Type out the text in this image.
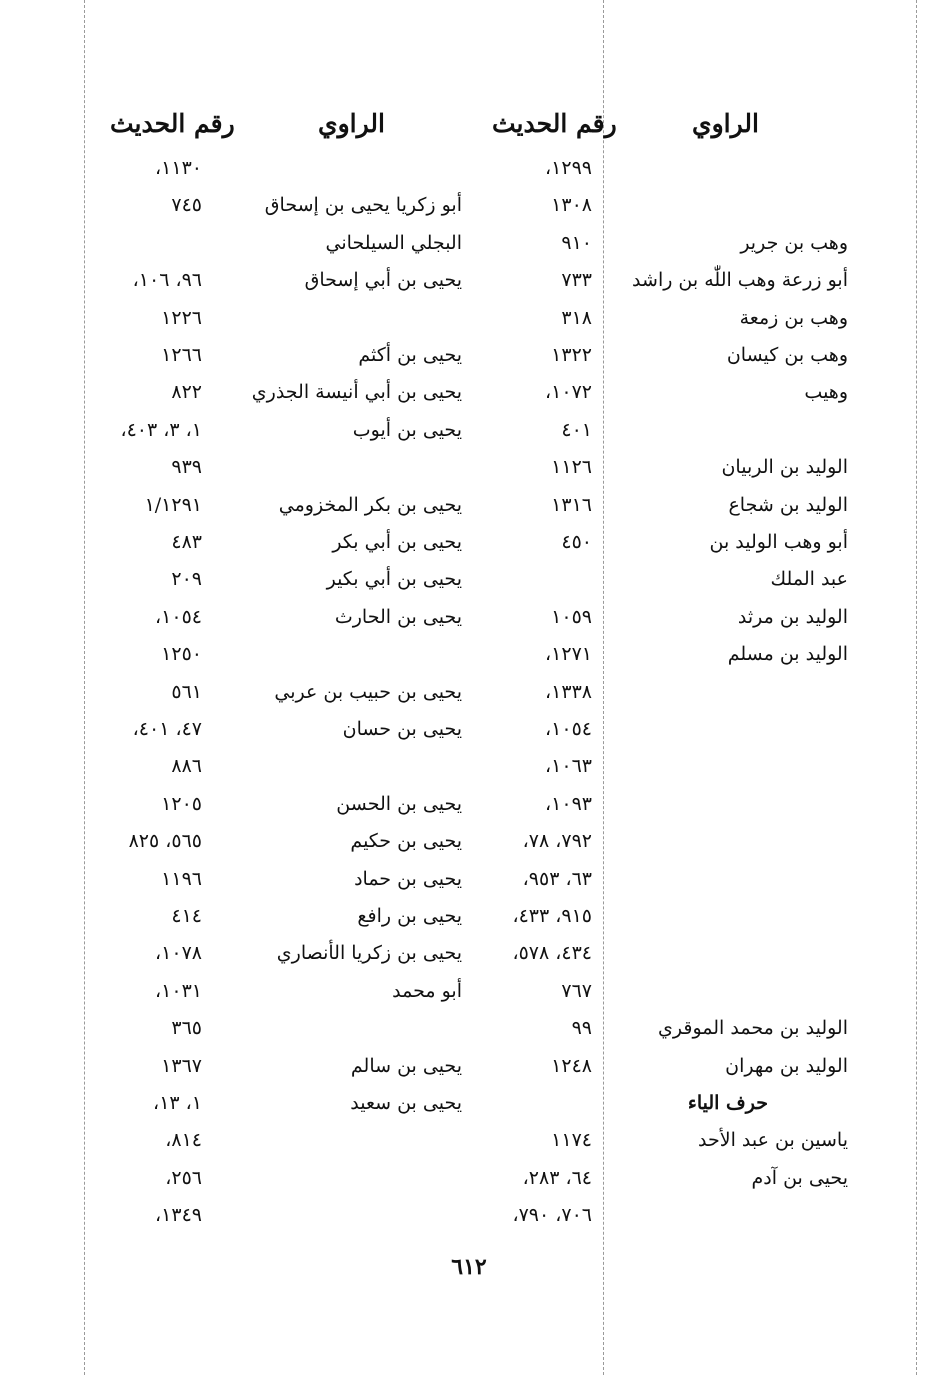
الراوي
رقم الحديث
الراوي
رقم الحديث
١٢٩٩،
١١٣٠،
١٣٠٨
أبو زكريا يحيى بن إسحاق
٧٤٥
وهب بن جرير
٩١٠
البجلي السيلحاني
أبو زرعة وهب اللّٰه بن راشد
٧٣٣
يحيى بن أبي إسحاق
٩٦، ١٠٦،
وهب بن زمعة
٣١٨
١٢٢٦
وهب بن كيسان
١٣٢٢
يحيى بن أكثم
١٢٦٦
وهيب
١٠٧٢،
يحيى بن أبي أنيسة الجذري
٨٢٢
٤٠١
يحيى بن أيوب
١، ٣، ٤٠٣،
الوليد بن الربيان
١١٢٦
٩٣٩
الوليد بن شجاع
١٣١٦
يحيى بن بكر المخزومي
١/١٢٩١
أبو وهب الوليد بن
٤٥٠
يحيى بن أبي بكر
٤٨٣
عبد الملك
يحيى بن أبي بكير
٢٠٩
الوليد بن مرثد
١٠٥٩
يحيى بن الحارث
١٠٥٤،
الوليد بن مسلم
١٢٧١،
١٢٥٠
١٣٣٨،
يحيى بن حبيب بن عربي
٥٦١
١٠٥٤،
يحيى بن حسان
٤٧، ٤٠١،
١٠٦٣،
٨٨٦
١٠٩٣،
يحيى بن الحسن
١٢٠٥
٧٩٢، ٧٨،
يحيى بن حكيم
٥٦٥، ٨٢٥
٦٣، ٩٥٣،
يحيى بن حماد
١١٩٦
٩١٥، ٤٣٣،
يحيى بن رافع
٤١٤
٤٣٤، ٥٧٨،
يحيى بن زكريا الأنصاري
١٠٧٨،
٧٦٧
أبو محمد
١٠٣١،
الوليد بن محمد الموقري
٩٩
٣٦٥
الوليد بن مهران
١٢٤٨
يحيى بن سالم
١٣٦٧
حرف الياء
يحيى بن سعيد
١، ١٣،
ياسين بن عبد الأحد
١١٧٤
٨١٤،
يحيى بن آدم
٦٤، ٢٨٣،
٢٥٦،
٧٠٦، ٧٩٠،
١٣٤٩،
٦١٢
